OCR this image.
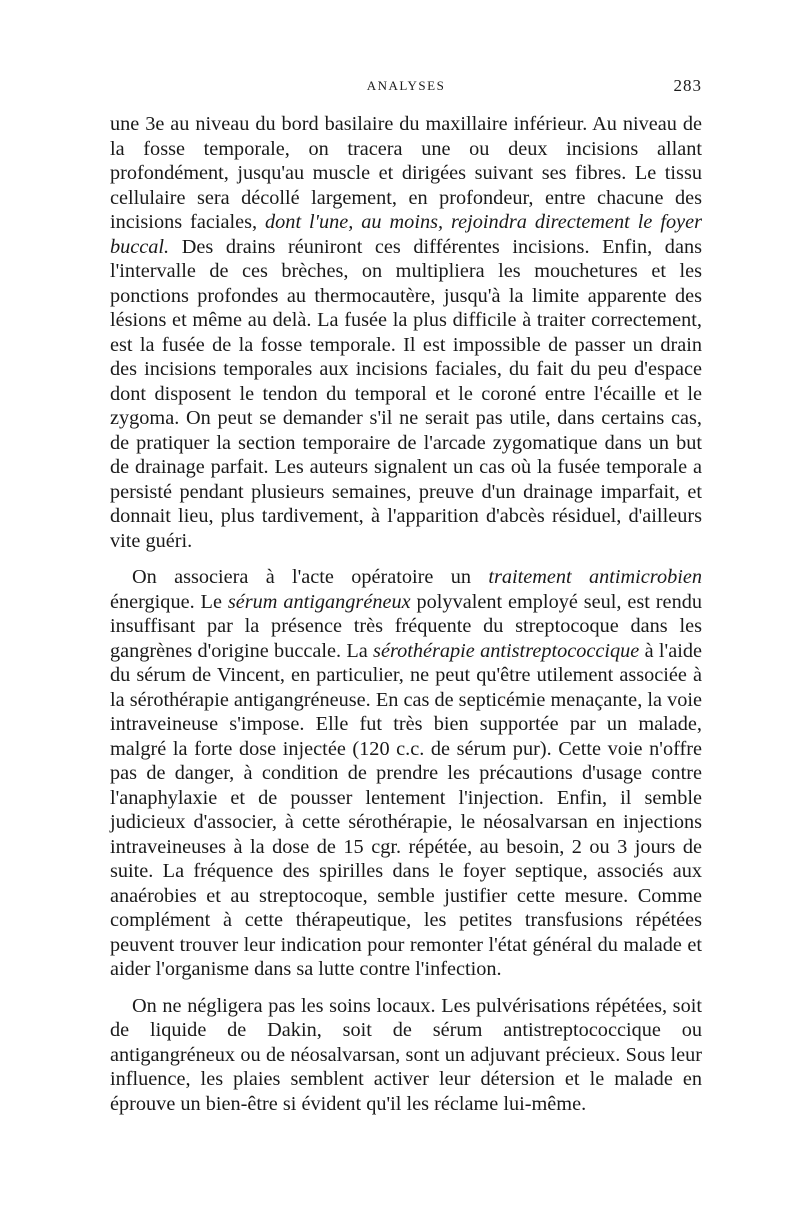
ANALYSES	283

une 3e au niveau du bord basilaire du maxillaire inférieur. Au niveau de la fosse temporale, on tracera une ou deux incisions allant profondément, jusqu'au muscle et dirigées suivant ses fibres. Le tissu cellulaire sera décollé largement, en profondeur, entre chacune des incisions faciales, dont l'une, au moins, rejoindra directement le foyer buccal. Des drains réuniront ces différentes incisions. Enfin, dans l'intervalle de ces brèches, on multipliera les mouchetures et les ponctions profondes au thermocautère, jusqu'à la limite apparente des lésions et même au delà. La fusée la plus difficile à traiter correctement, est la fusée de la fosse temporale. Il est impossible de passer un drain des incisions temporales aux incisions faciales, du fait du peu d'espace dont disposent le tendon du temporal et le coroné entre l'écaille et le zygoma. On peut se demander s'il ne serait pas utile, dans certains cas, de pratiquer la section temporaire de l'arcade zygomatique dans un but de drainage parfait. Les auteurs signalent un cas où la fusée temporale a persisté pendant plusieurs semaines, preuve d'un drainage imparfait, et donnait lieu, plus tardivement, à l'apparition d'abcès résiduel, d'ailleurs vite guéri.

On associera à l'acte opératoire un traitement antimicrobien énergique. Le sérum antigangréneux polyvalent employé seul, est rendu insuffisant par la présence très fréquente du streptocoque dans les gangrènes d'origine buccale. La sérothérapie antistreptococcique à l'aide du sérum de Vincent, en particulier, ne peut qu'être utilement associée à la sérothérapie antigangréneuse. En cas de septicémie menaçante, la voie intraveineuse s'impose. Elle fut très bien supportée par un malade, malgré la forte dose injectée (120 c.c. de sérum pur). Cette voie n'offre pas de danger, à condition de prendre les précautions d'usage contre l'anaphylaxie et de pousser lentement l'injection. Enfin, il semble judicieux d'associer, à cette sérothérapie, le néosalvarsan en injections intraveineuses à la dose de 15 cgr. répétée, au besoin, 2 ou 3 jours de suite. La fréquence des spirilles dans le foyer septique, associés aux anaérobies et au streptocoque, semble justifier cette mesure. Comme complément à cette thérapeutique, les petites transfusions répétées peuvent trouver leur indication pour remonter l'état général du malade et aider l'organisme dans sa lutte contre l'infection.

On ne négligera pas les soins locaux. Les pulvérisations répétées, soit de liquide de Dakin, soit de sérum antistreptococcique ou antigangréneux ou de néosalvarsan, sont un adjuvant précieux. Sous leur influence, les plaies semblent activer leur détersion et le malade en éprouve un bien-être si évident qu'il les réclame lui-même.
